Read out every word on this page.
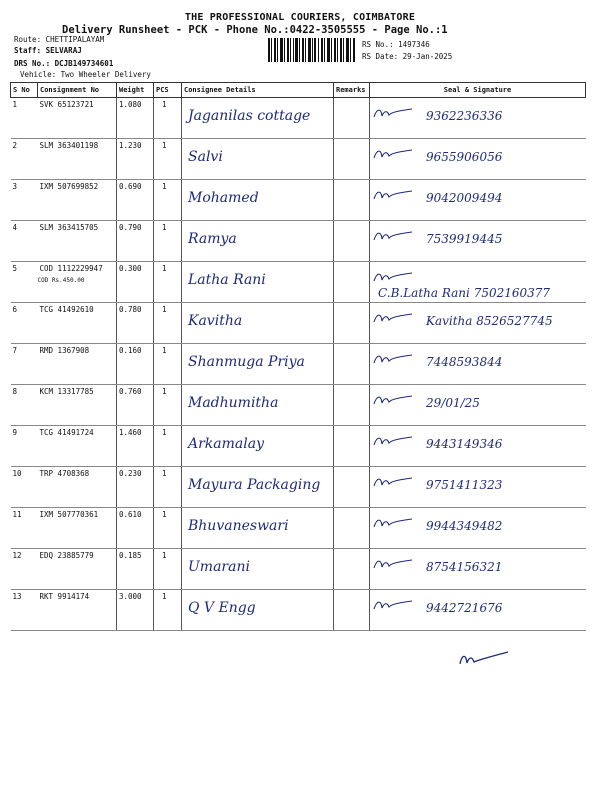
THE PROFESSIONAL COURIERS, COIMBATORE
Delivery Runsheet - PCK - Phone No.:0422-3505555 - Page No.:1
Route: CHETTIPALAYAM
Staff: SELVARAJ
DRS No.: DCJB149734601
Vehicle: Two Wheeler Delivery
RS No.: 1497346
RS Date: 29-Jan-2025
S No	Consignment No	Weight	PCS	Consignee Details	Remarks	Seal & Signature
1	SVK 65123721	1.080	1	Jaganilas cottage		9362236336
2	SLM 363401198	1.230	1	Salvi		9655906056
3	IXM 507699852	0.690	1	Mohamed		9042009494
4	SLM 363415705	0.790	1	Ramya		7539919445
5	COD 1112229947
COD Rs.450.00	0.300	1	Latha Rani		C.B.Latha Rani 7502160377
6	TCG 41492610	0.780	1	Kavitha		Kavitha 8526527745
7	RMD 1367908	0.160	1	Shanmuga Priya		7448593844
8	KCM 13317785	0.760	1	Madhumitha		29/01/25
9	TCG 41491724	1.460	1	Arkamalay		9443149346
10	TRP 4708368	0.230	1	Mayura Packaging		9751411323
11	IXM 507770361	0.610	1	Bhuvaneswari		9944349482
12	EDQ 23885779	0.185	1	Umarani		8754156321
13	RKT 9914174	3.000	1	Q V Engg		9442721676
